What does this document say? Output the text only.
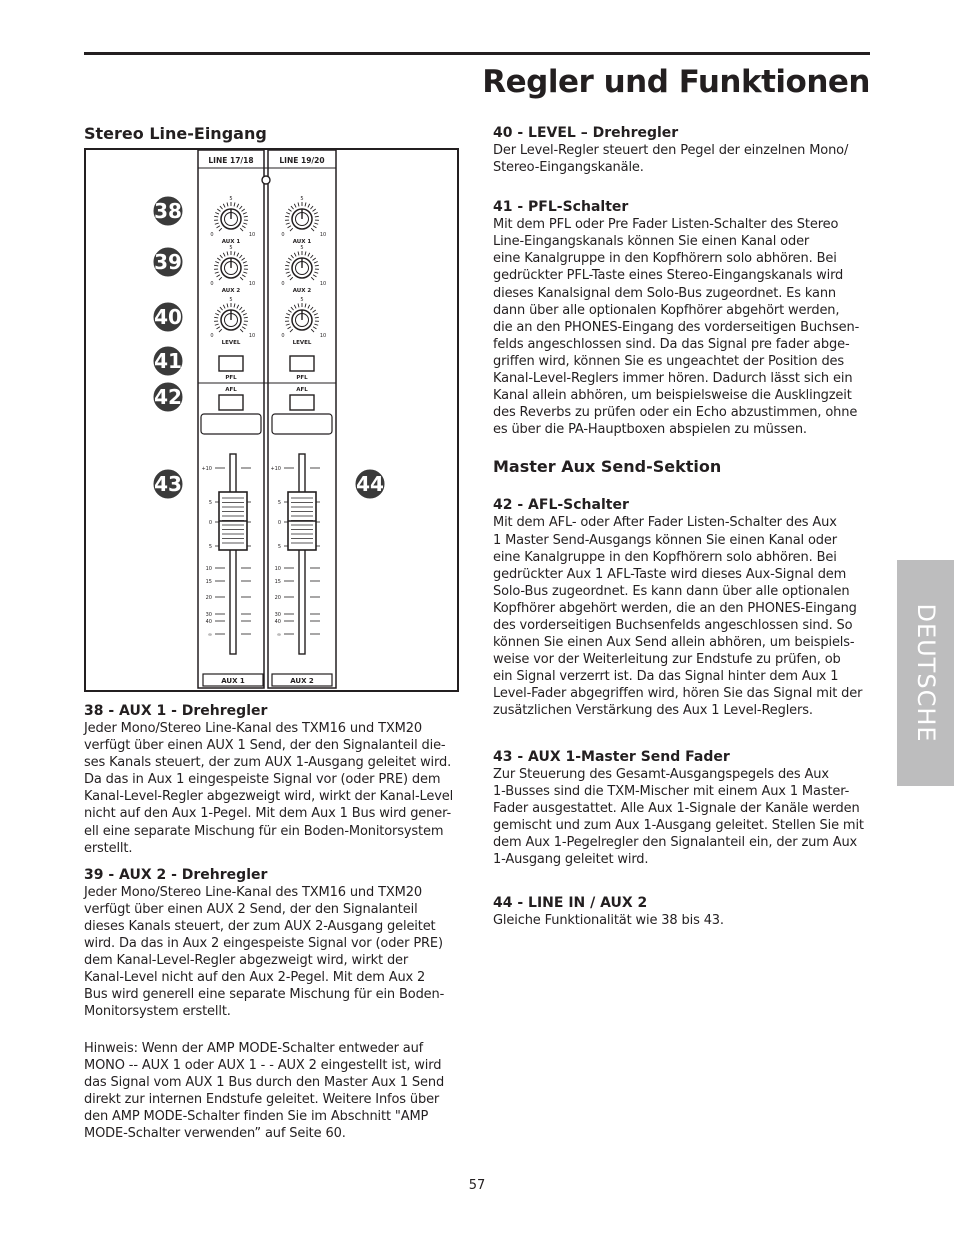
Regler und Funktionen
Stereo Line-Eingang
LINE 17/18	LINE 19/20
0
5
10
AUX 1
0
5
10
AUX 1
0
5
10
AUX 2
0
5
10
AUX 2
0
5
10
LEVEL
0
5
10
LEVEL
PFL	PFL
AFL	AFL
+10
5
0
5
10
15
20
30
40
∞
AUX 1
+10
5
0
5
10
15
20
30
40
∞
AUX 2
38
39
40
41
42
43	44
38 - AUX 1 - Drehregler
Jeder Mono/Stereo Line-Kanal des TXM16 und TXM20
verfügt über einen AUX 1 Send, der den Signalanteil die-
ses Kanals steuert, der zum AUX 1-Ausgang geleitet wird.
Da das in Aux 1 eingespeiste Signal vor (oder PRE) dem
Kanal-Level-Regler abgezweigt wird, wirkt der Kanal-Level
nicht auf den Aux 1-Pegel. Mit dem Aux 1 Bus wird gener-
ell eine separate Mischung für ein Boden-Monitorsystem
erstellt.
39 - AUX 2 - Drehregler
Jeder Mono/Stereo Line-Kanal des TXM16 und TXM20
verfügt über einen AUX 2 Send, der den Signalanteil
dieses Kanals steuert, der zum AUX 2-Ausgang geleitet
wird. Da das in Aux 2 eingespeiste Signal vor (oder PRE)
dem Kanal-Level-Regler abgezweigt wird, wirkt der
Kanal-Level nicht auf den Aux 2-Pegel. Mit dem Aux 2
Bus wird generell eine separate Mischung für ein Boden-
Monitorsystem erstellt.
Hinweis: Wenn der AMP MODE-Schalter entweder auf
MONO -- AUX 1 oder AUX 1 - - AUX 2 eingestellt ist, wird
das Signal vom AUX 1 Bus durch den Master Aux 1 Send
direkt zur internen Endstufe geleitet. Weitere Infos über
den AMP MODE-Schalter finden Sie im Abschnitt "AMP
MODE-Schalter verwenden” auf Seite 60.
40 - LEVEL – Drehregler
Der Level-Regler steuert den Pegel der einzelnen Mono/
Stereo-Eingangskanäle.
41 - PFL-Schalter
Mit dem PFL oder Pre Fader Listen-Schalter des Stereo
Line-Eingangskanals können Sie einen Kanal oder
eine Kanalgruppe in den Kopfhörern solo abhören. Bei
gedrückter PFL-Taste eines Stereo-Eingangskanals wird
dieses Kanalsignal dem Solo-Bus zugeordnet. Es kann
dann über alle optionalen Kopfhörer abgehört werden,
die an den PHONES-Eingang des vorderseitigen Buchsen-
felds angeschlossen sind. Da das Signal pre fader abge-
griffen wird, können Sie es ungeachtet der Position des
Kanal-Level-Reglers immer hören. Dadurch lässt sich ein
Kanal allein abhören, um beispielsweise die Ausklingzeit
des Reverbs zu prüfen oder ein Echo abzustimmen, ohne
es über die PA-Hauptboxen abspielen zu müssen.
Master Aux Send-Sektion
42 - AFL-Schalter
Mit dem AFL- oder After Fader Listen-Schalter des Aux
1 Master Send-Ausgangs können Sie einen Kanal oder
eine Kanalgruppe in den Kopfhörern solo abhören. Bei
gedrückter Aux 1 AFL-Taste wird dieses Aux-Signal dem
Solo-Bus zugeordnet. Es kann dann über alle optionalen
Kopfhörer abgehört werden, die an den PHONES-Eingang
des vorderseitigen Buchsenfelds angeschlossen sind. So
können Sie einen Aux Send allein abhören, um beispiels-
weise vor der Weiterleitung zur Endstufe zu prüfen, ob
ein Signal verzerrt ist. Da das Signal hinter dem Aux 1
Level-Fader abgegriffen wird, hören Sie das Signal mit der
zusätzlichen Verstärkung des Aux 1 Level-Reglers.
43 - AUX 1-Master Send Fader
Zur Steuerung des Gesamt-Ausgangspegels des Aux
1-Busses sind die TXM-Mischer mit einem Aux 1 Master-
Fader ausgestattet. Alle Aux 1-Signale der Kanäle werden
gemischt und zum Aux 1-Ausgang geleitet. Stellen Sie mit
dem Aux 1-Pegelregler den Signalanteil ein, der zum Aux
1-Ausgang geleitet wird.
44 - LINE IN / AUX 2
Gleiche Funktionalität wie 38 bis 43.
DEUTSCHE
57
